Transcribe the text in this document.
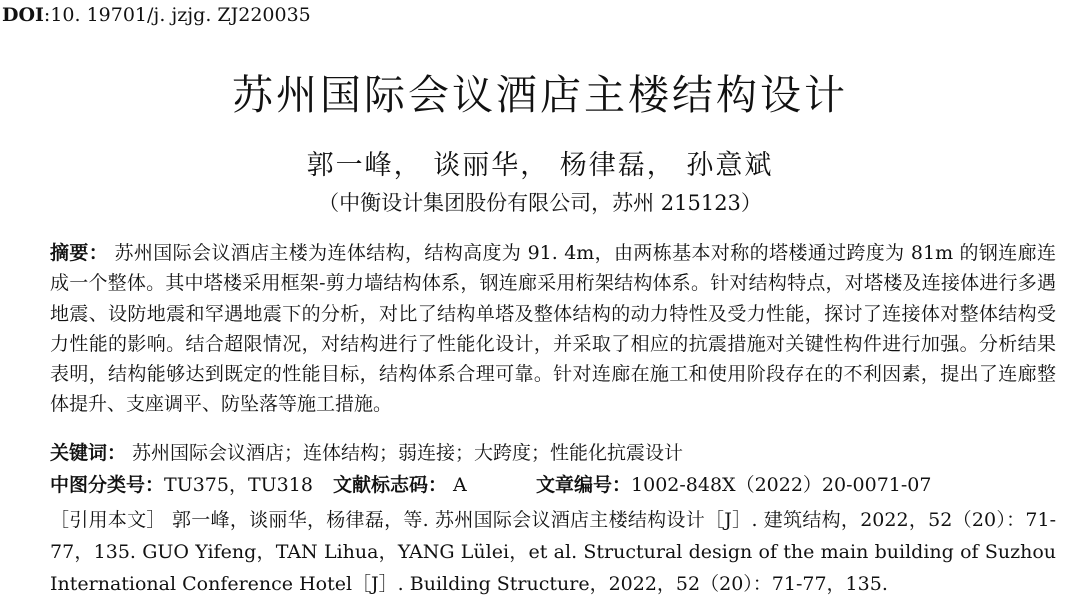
DOI:10. 19701/j. jzjg. ZJ220035
苏州国际会议酒店主楼结构设计
郭一峰， 谈丽华， 杨律磊， 孙意斌
（中衡设计集团股份有限公司，苏州 215123）
摘要： 苏州国际会议酒店主楼为连体结构，结构高度为 91. 4m，由两栋基本对称的塔楼通过跨度为 81m 的钢连廊连成一个整体。其中塔楼采用框架-剪力墙结构体系，钢连廊采用桁架结构体系。针对结构特点，对塔楼及连接体进行多遇地震、设防地震和罕遇地震下的分析，对比了结构单塔及整体结构的动力特性及受力性能，探讨了连接体对整体结构受力性能的影响。结合超限情况，对结构进行了性能化设计，并采取了相应的抗震措施对关键性构件进行加强。分析结果表明，结构能够达到既定的性能目标，结构体系合理可靠。针对连廊在施工和使用阶段存在的不利因素，提出了连廊整体提升、支座调平、防坠落等施工措施。
关键词： 苏州国际会议酒店；连体结构；弱连接；大跨度；性能化抗震设计
中图分类号：TU375，TU318 文献标志码： A	文章编号：1002-848X（2022）20-0071-07
［引用本文］ 郭一峰，谈丽华，杨律磊，等. 苏州国际会议酒店主楼结构设计［J］. 建筑结构，2022，52（20）：71-77，135. GUO Yifeng，TAN Lihua，YANG Lülei，et al. Structural design of the main building of Suzhou International Conference Hotel［J］. Building Structure，2022，52（20）：71-77，135.
